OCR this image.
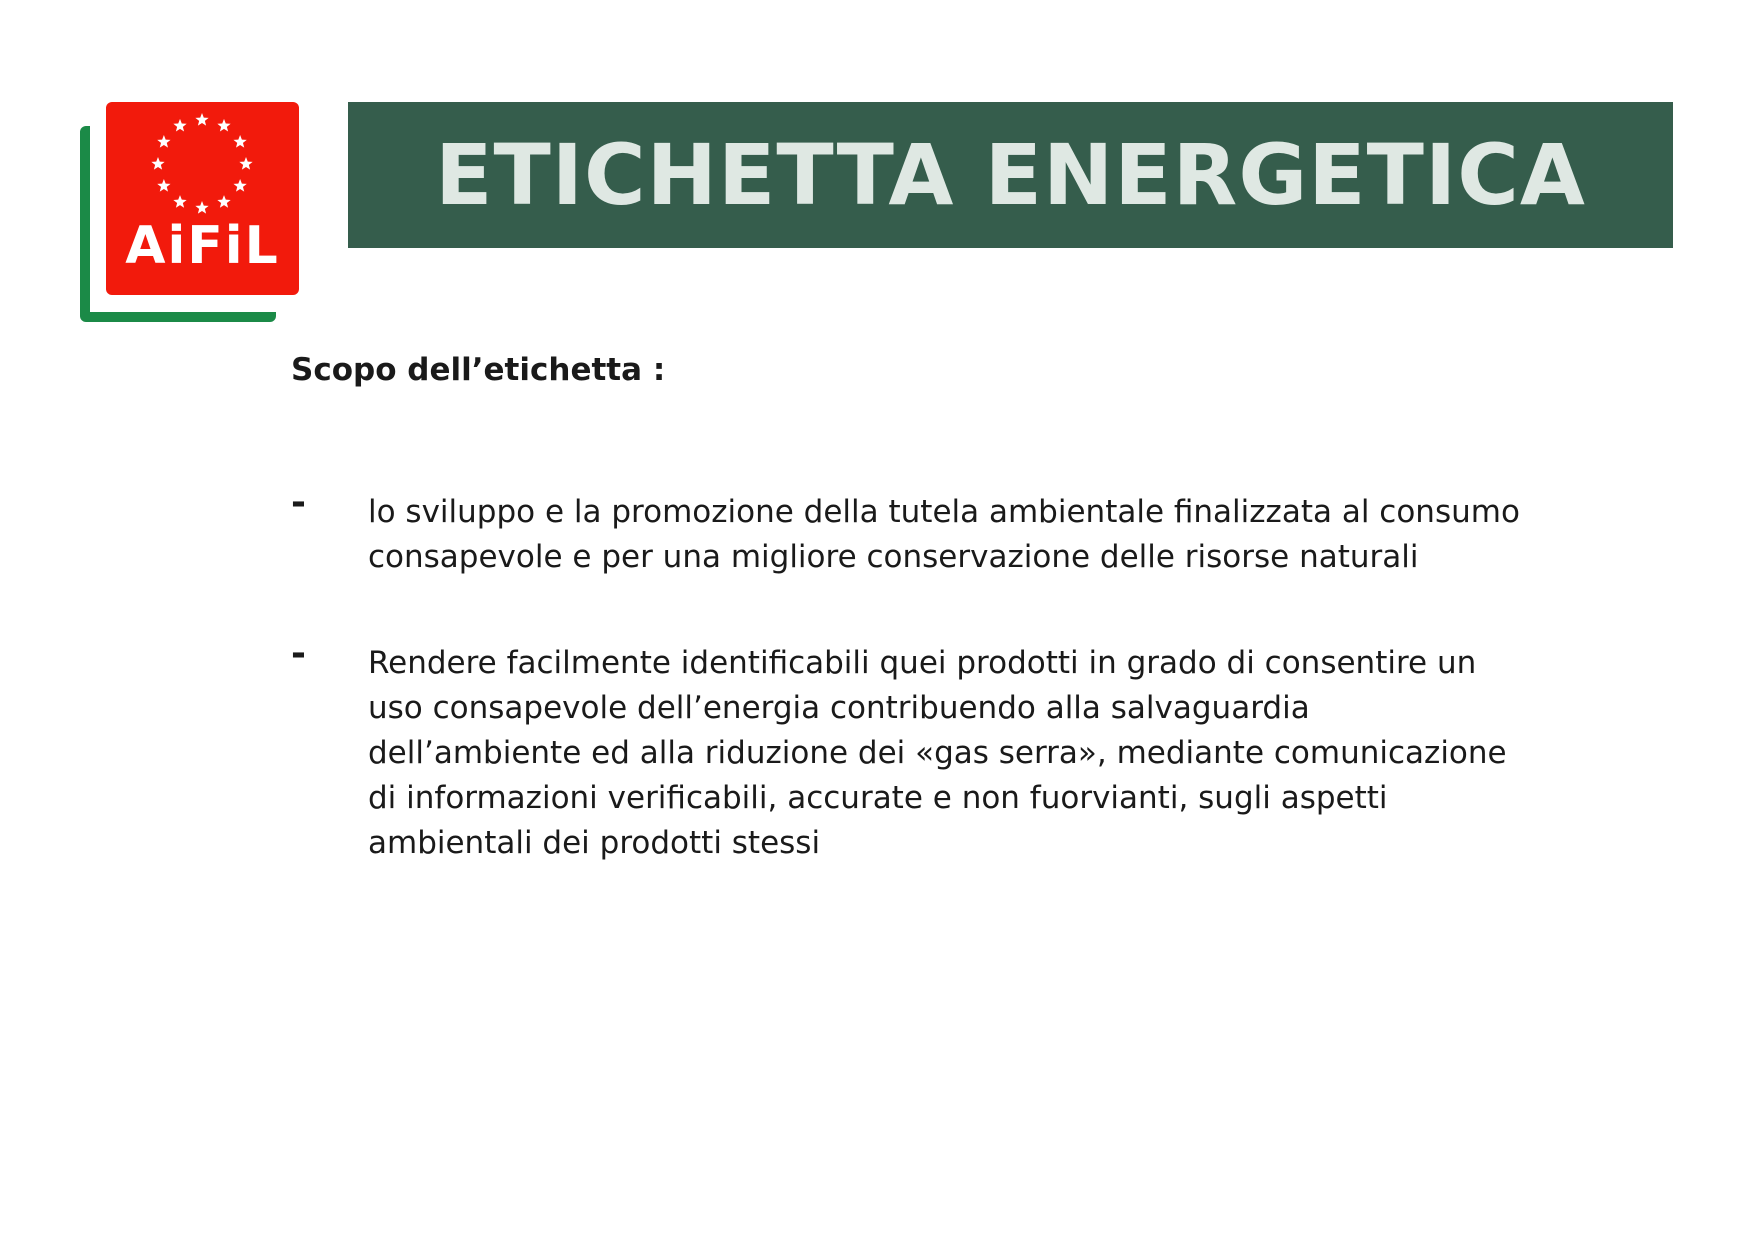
AiFiL
ETICHETTA ENERGETICA
Scopo dell’etichetta :
- lo sviluppo e la promozione della tutela ambientale finalizzata al consumo consapevole e per una migliore conservazione delle risorse naturali
- Rendere facilmente identificabili quei prodotti in grado di consentire un uso consapevole dell’energia contribuendo alla salvaguardia dell’ambiente ed alla riduzione dei «gas serra», mediante comunicazione di informazioni verificabili, accurate e non fuorvianti, sugli aspetti ambientali dei prodotti stessi
